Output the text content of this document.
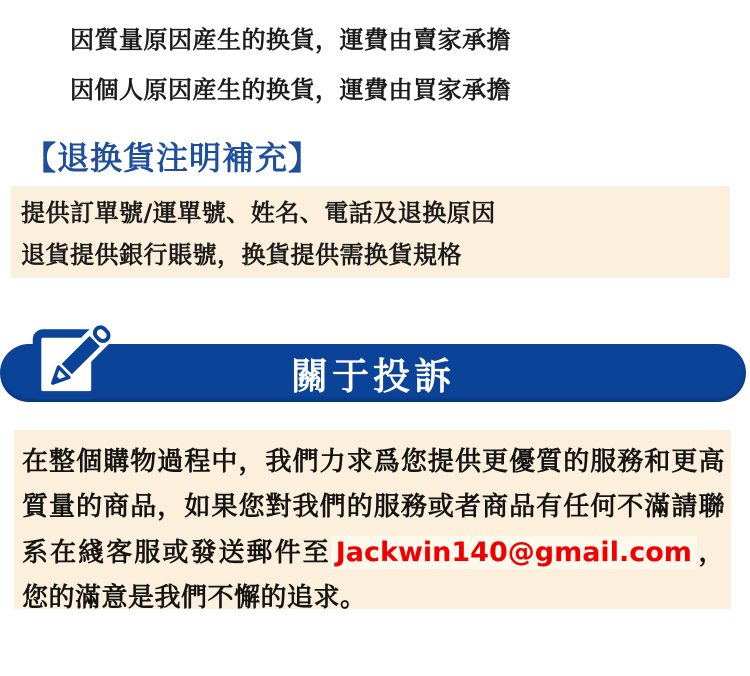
因質量原因産生的换貨，運費由賣家承擔
因個人原因産生的换貨，運費由買家承擔
【退换貨注明補充】
提供訂單號/運單號、姓名、電話及退换原因
退貨提供銀行賬號，换貨提供需换貨規格
關于投訴

在整個購物過程中，我們力求爲您提供更優質的服務和更高質量的商品，如果您對我們的服務或者商品有任何不滿請聯系在綫客服或發送郵件至 Jackwin140@gmail.com ，您的滿意是我們不懈的追求。
